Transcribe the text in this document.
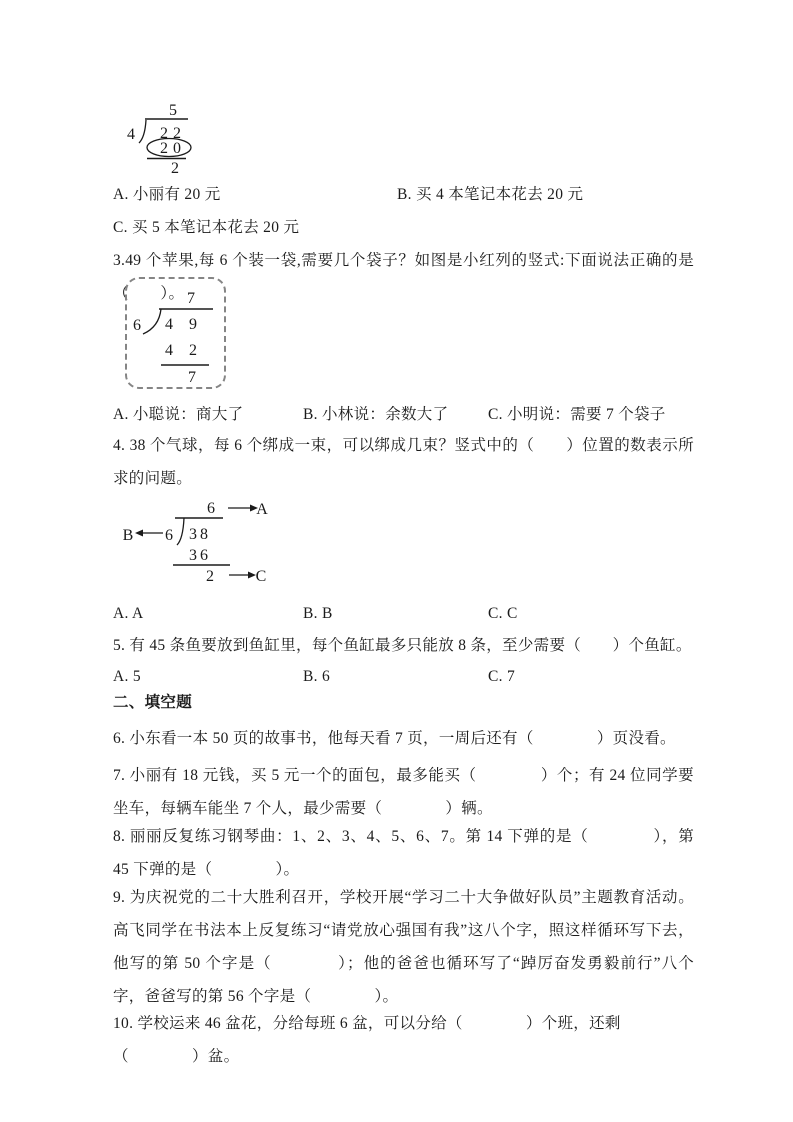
5
4 22
20
2
A. 小丽有 20 元	B. 买 4 本笔记本花去 20 元
C. 买 5 本笔记本花去 20 元
3.49 个苹果,每 6 个装一袋,需要几个袋子？如图是小红列的竖式:下面说法正确的是（　　）。 7
6 49
42
7
A. 小聪说：商大了	B. 小林说：余数大了	C. 小明说：需要 7 个袋子
4. 38 个气球，每 6 个绑成一束，可以绑成几束？竖式中的（　　）位置的数表示所求的问题。
6	A
B 6 38
36
2	C
A. A	B. B	C. C
5. 有 45 条鱼要放到鱼缸里，每个鱼缸最多只能放 8 条，至少需要（　　）个鱼缸。
A. 5	B. 6	C. 7
二、填空题
6. 小东看一本 50 页的故事书，他每天看 7 页，一周后还有（　　　　）页没看。
7. 小丽有 18 元钱，买 5 元一个的面包，最多能买（　　　　）个；有 24 位同学要坐车，每辆车能坐 7 个人，最少需要（　　　　）辆。
8. 丽丽反复练习钢琴曲：1、2、3、4、5、6、7。第 14 下弹的是（　　　　），第 45 下弹的是（　　　　）。
9. 为庆祝党的二十大胜利召开，学校开展“学习二十大争做好队员”主题教育活动。高飞同学在书法本上反复练习“请党放心强国有我”这八个字，照这样循环写下去，他写的第 50 个字是（　　　　）；他的爸爸也循环写了“踔厉奋发勇毅前行”八个字，爸爸写的第 56 个字是（　　　　）。
10. 学校运来 46 盆花，分给每班 6 盆，可以分给（　　　　）个班，还剩（　　　　）盆。
